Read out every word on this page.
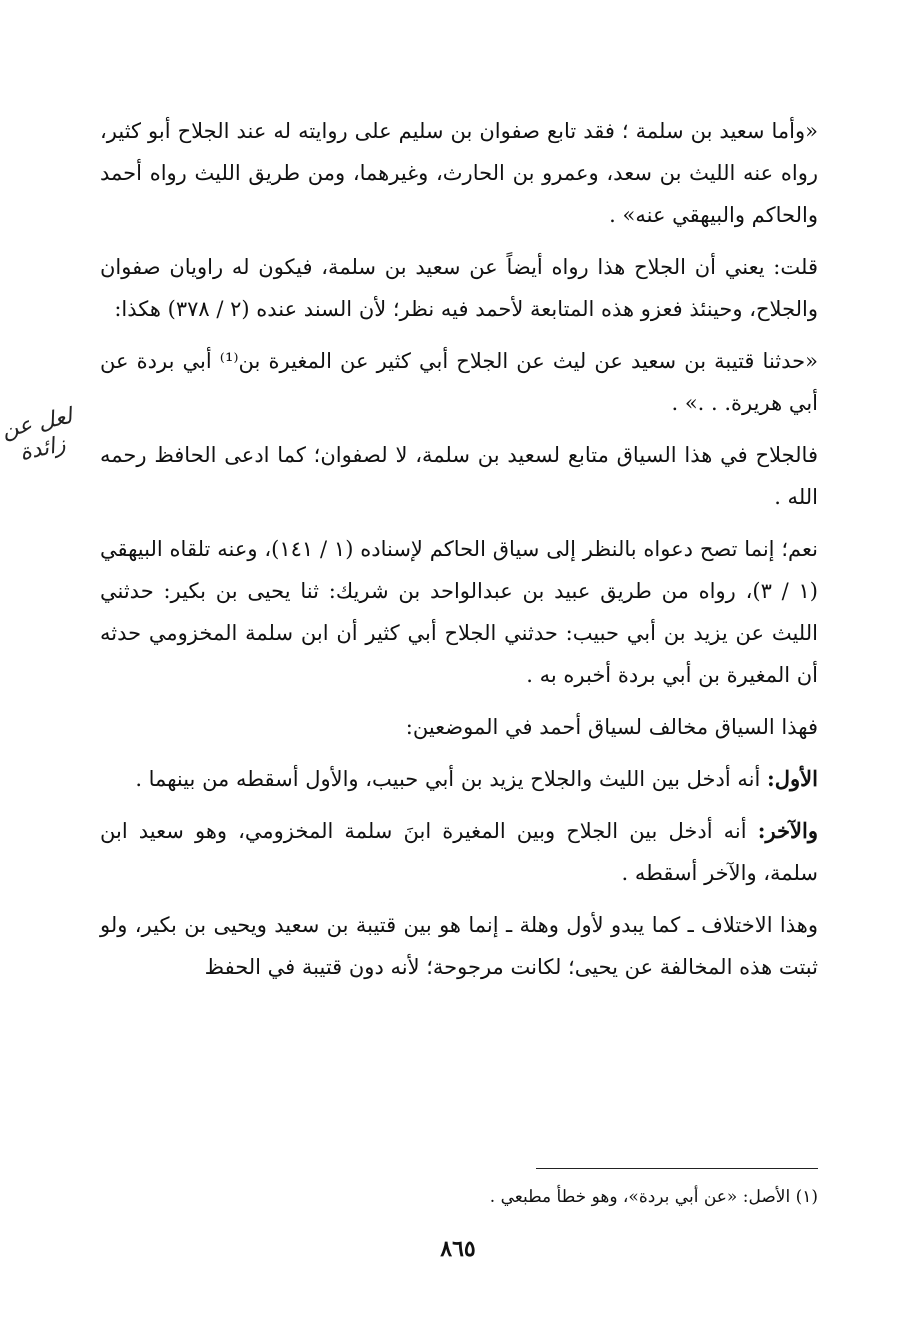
«وأما سعيد بن سلمة ؛ فقد تابع صفوان بن سليم على روايته له عند الجلاح أبو كثير، رواه عنه الليث بن سعد، وعمرو بن الحارث، وغيرهما، ومن طريق الليث رواه أحمد والحاكم والبيهقي عنه» .

قلت: يعني أن الجلاح هذا رواه أيضاً عن سعيد بن سلمة، فيكون له راويان صفوان والجلاح، وحينئذ فعزو هذه المتابعة لأحمد فيه نظر؛ لأن السند عنده (٢ / ٣٧٨) هكذا:

«حدثنا قتيبة بن سعيد عن ليث عن الجلاح أبي كثير عن المغيرة بن⁽¹⁾ أبي بردة عن أبي هريرة. . .» .

فالجلاح في هذا السياق متابع لسعيد بن سلمة، لا لصفوان؛ كما ادعى الحافظ رحمه الله .

نعم؛ إنما تصح دعواه بالنظر إلى سياق الحاكم لإسناده (١ / ١٤١)، وعنه تلقاه البيهقي (١ / ٣)، رواه من طريق عبيد بن عبدالواحد بن شريك: ثنا يحيى بن بكير: حدثني الليث عن يزيد بن أبي حبيب: حدثني الجلاح أبي كثير أن ابن سلمة المخزومي حدثه أن المغيرة بن أبي بردة أخبره به .

فهذا السياق مخالف لسياق أحمد في الموضعين:

الأول: أنه أدخل بين الليث والجلاح يزيد بن أبي حبيب، والأول أسقطه من بينهما .

والآخر: أنه أدخل بين الجلاح وبين المغيرة ابنَ سلمة المخزومي، وهو سعيد ابن سلمة، والآخر أسقطه .

وهذا الاختلاف ـ كما يبدو لأول وهلة ـ إنما هو بين قتيبة بن سعيد ويحيى بن بكير، ولو ثبتت هذه المخالفة عن يحيى؛ لكانت مرجوحة؛ لأنه دون قتيبة في الحفظ

لعل عن زائدة
(١) الأصل: «عن أبي بردة»، وهو خطأ مطبعي .
٨٦٥
